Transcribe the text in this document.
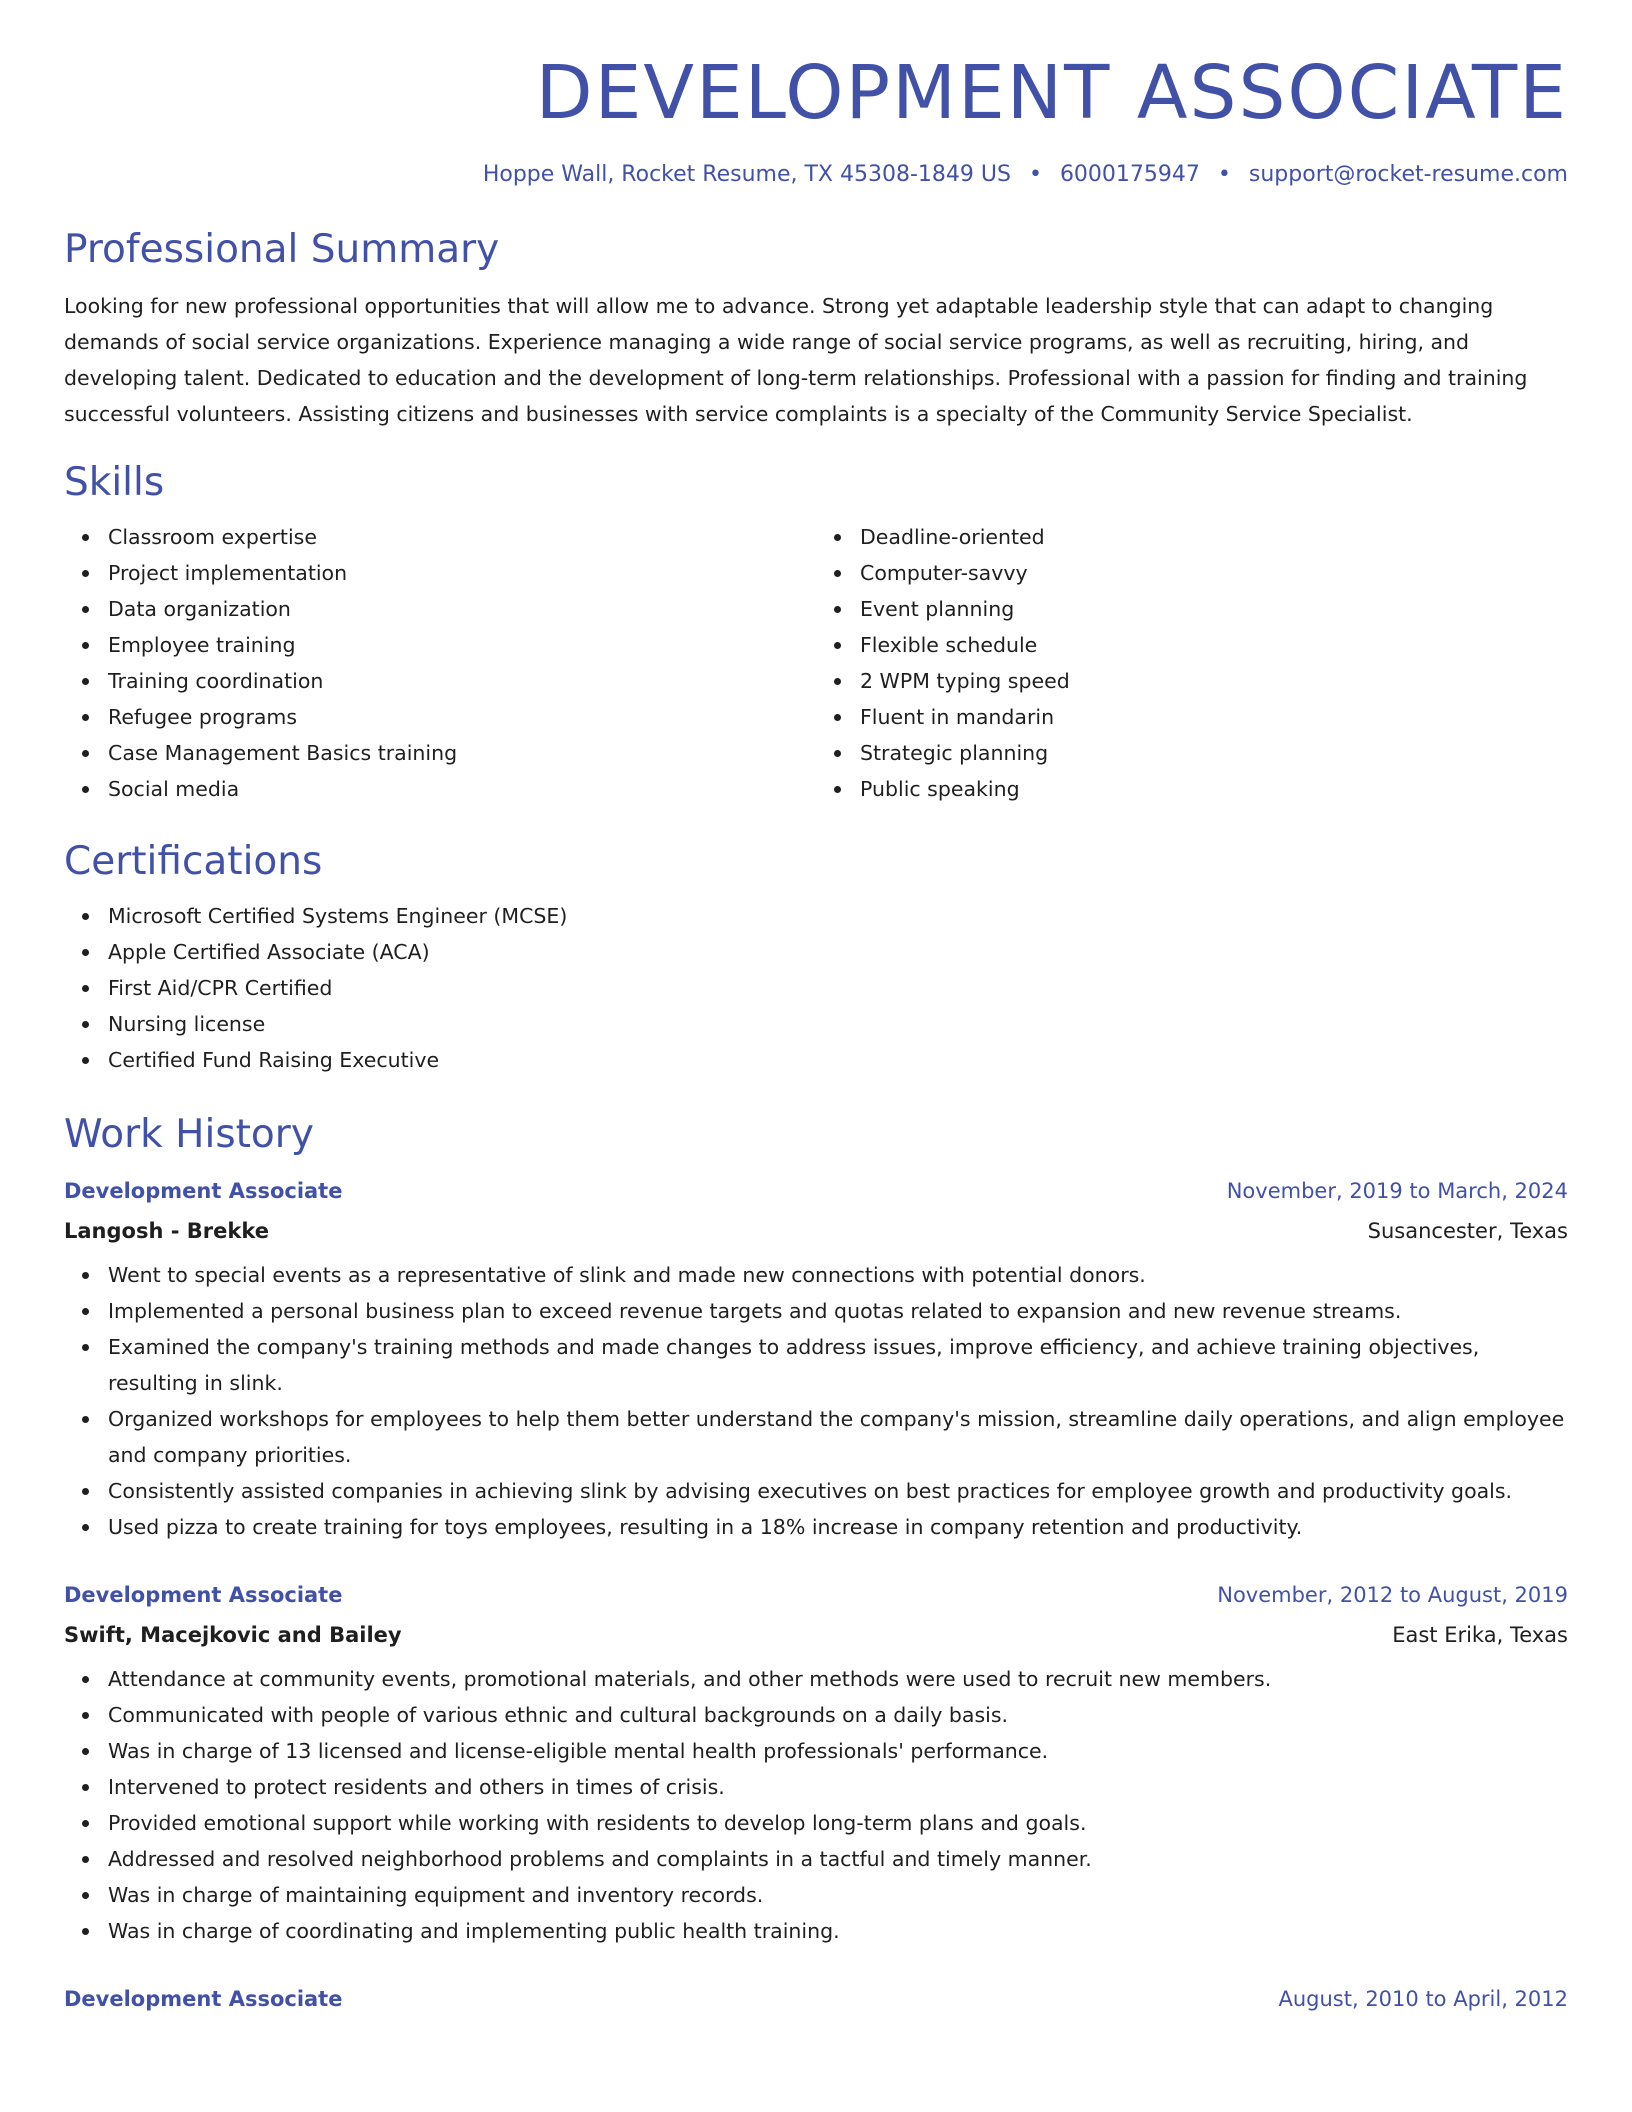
DEVELOPMENT ASSOCIATE
Hoppe Wall, Rocket Resume, TX 45308-1849 US • 6000175947 • support@rocket-resume.com
Professional Summary

Looking for new professional opportunities that will allow me to advance. Strong yet adaptable leadership style that can adapt to changing demands of social service organizations. Experience managing a wide range of social service programs, as well as recruiting, hiring, and developing talent. Dedicated to education and the development of long-term relationships. Professional with a passion for finding and training successful volunteers. Assisting citizens and businesses with service complaints is a specialty of the Community Service Specialist.

Skills
Classroom expertise
Project implementation
Data organization
Employee training
Training coordination
Refugee programs
Case Management Basics training
Social media
Deadline-oriented
Computer-savvy
Event planning
Flexible schedule
2 WPM typing speed
Fluent in mandarin
Strategic planning
Public speaking
Certifications
Microsoft Certified Systems Engineer (MCSE)
Apple Certified Associate (ACA)
First Aid/CPR Certified
Nursing license
Certified Fund Raising Executive
Work History
Development Associate	November, 2019 to March, 2024
Langosh - Brekke	Susancester, Texas
Went to special events as a representative of slink and made new connections with potential donors.
Implemented a personal business plan to exceed revenue targets and quotas related to expansion and new revenue streams.
Examined the company's training methods and made changes to address issues, improve efficiency, and achieve training objectives, resulting in slink.
Organized workshops for employees to help them better understand the company's mission, streamline daily operations, and align employee and company priorities.
Consistently assisted companies in achieving slink by advising executives on best practices for employee growth and productivity goals.
Used pizza to create training for toys employees, resulting in a 18% increase in company retention and productivity.
Development Associate	November, 2012 to August, 2019
Swift, Macejkovic and Bailey	East Erika, Texas
Attendance at community events, promotional materials, and other methods were used to recruit new members.
Communicated with people of various ethnic and cultural backgrounds on a daily basis.
Was in charge of 13 licensed and license-eligible mental health professionals' performance.
Intervened to protect residents and others in times of crisis.
Provided emotional support while working with residents to develop long-term plans and goals.
Addressed and resolved neighborhood problems and complaints in a tactful and timely manner.
Was in charge of maintaining equipment and inventory records.
Was in charge of coordinating and implementing public health training.
Development Associate	August, 2010 to April, 2012
